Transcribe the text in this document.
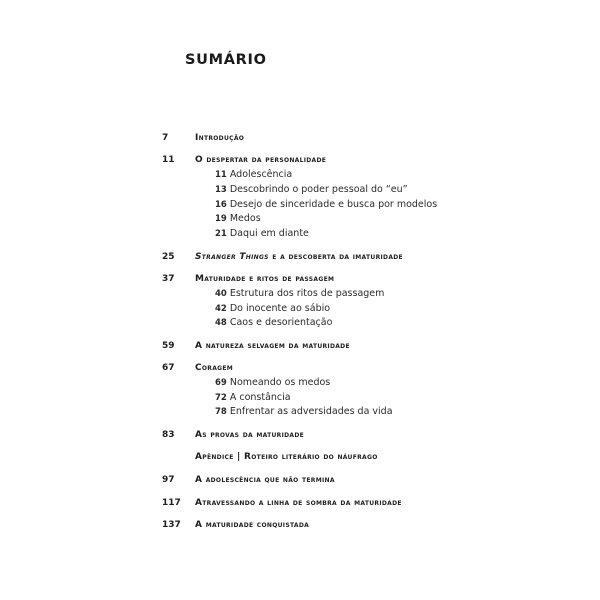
SUMÁRIO
7	Introdução
11 O despertar da personalidade
11 Adolescência
13 Descobrindo o poder pessoal do “eu”
16 Desejo de sinceridade e busca por modelos
19 Medos
21 Daqui em diante
25 Stranger Things e a descoberta da imaturidade
37 Maturidade e ritos de passagem
40 Estrutura dos ritos de passagem
42 Do inocente ao sábio
48 Caos e desorientação
59 A natureza selvagem da maturidade
67 Coragem
69 Nomeando os medos
72 A constância
78 Enfrentar as adversidades da vida
83 As provas da maturidade
Apêndice | Roteiro literário do náufrago
97 A adolescência que não termina
117 Atravessando a linha de sombra da maturidade
137 A maturidade conquistada
